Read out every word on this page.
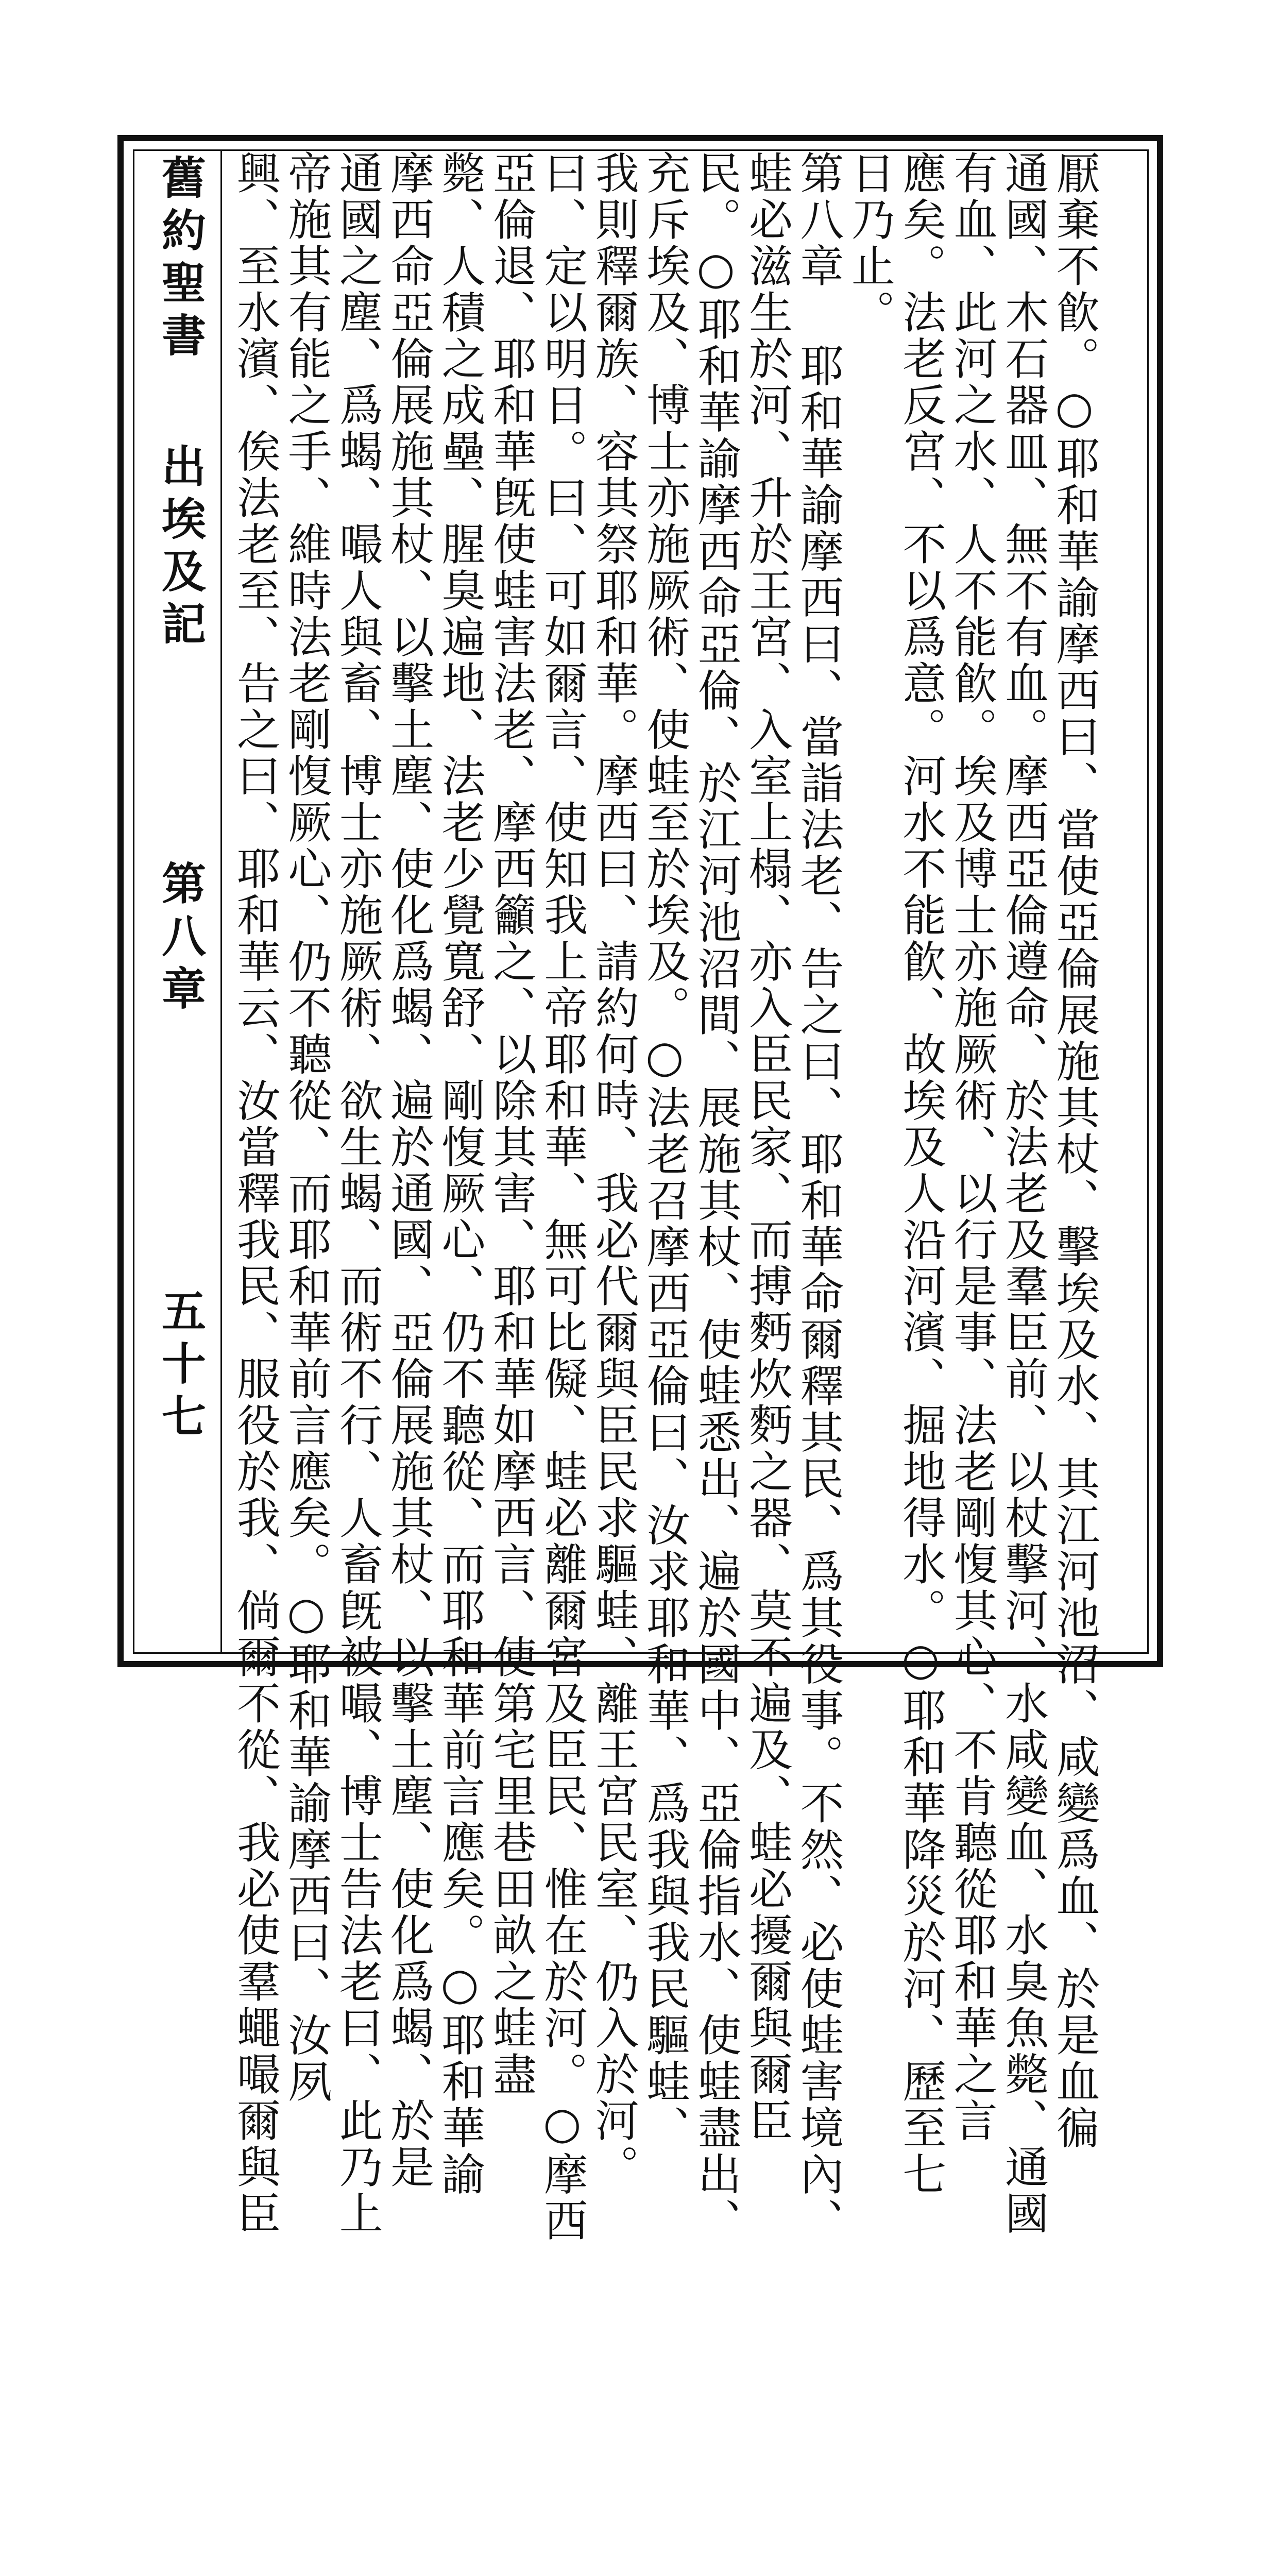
舊約聖書
出埃及記
第八章
五十七	厭棄不飮。○耶和華諭摩西曰、當使亞倫展施其杖、擊埃及水、其江河池沼、咸變爲血、於是血徧
通國、木石器皿、無不有血。摩西亞倫遵命、於法老及羣臣前、以杖擊河、水咸變血、水臭魚斃、通國
有血、此河之水、人不能飮。埃及博士亦施厥術、以行是事、法老剛愎其心、不肯聽從耶和華之言
應矣。法老反宮、不以爲意。河水不能飮、故埃及人沿河濱、掘地得水。○耶和華降災於河、歷至七
日乃止。
第八章 耶和華諭摩西曰、當詣法老、告之曰、耶和華命爾釋其民、爲其役事。不然、必使蛙害境內、
蛙必滋生於河、升於王宮、入室上榻、亦入臣民家、而搏麪炊麪之器、莫不遍及、蛙必擾爾與爾臣
民。○耶和華諭摩西命亞倫、於江河池沼間、展施其杖、使蛙悉出、遍於國中、亞倫指水、使蛙盡出、
充斥埃及、博士亦施厥術、使蛙至於埃及。○法老召摩西亞倫曰、汝求耶和華、爲我與我民驅蛙、
我則釋爾族、容其祭耶和華。摩西曰、請約何時、我必代爾與臣民求驅蛙、離王宮民室、仍入於河。
曰、定以明日。曰、可如爾言、使知我上帝耶和華、無可比儗、蛙必離爾宮及臣民、惟在於河。○摩西
亞倫退、耶和華旣使蛙害法老、摩西籲之、以除其害、耶和華如摩西言、使第宅里巷田畝之蛙盡
斃、人積之成壘、腥臭遍地、法老少覺寬舒、剛愎厥心、仍不聽從、而耶和華前言應矣。○耶和華諭
摩西命亞倫展施其杖、以擊土塵、使化爲蝎、遍於通國、亞倫展施其杖、以擊土塵、使化爲蝎、於是
通國之塵、爲蝎、嘬人與畜、博士亦施厥術、欲生蝎、而術不行、人畜旣被嘬、博士告法老曰、此乃上
帝施其有能之手、維時法老剛愎厥心、仍不聽從、而耶和華前言應矣。○耶和華諭摩西曰、汝夙
興、至水濱、俟法老至、告之曰、耶和華云、汝當釋我民、服役於我、倘爾不從、我必使羣蠅嘬爾與臣
